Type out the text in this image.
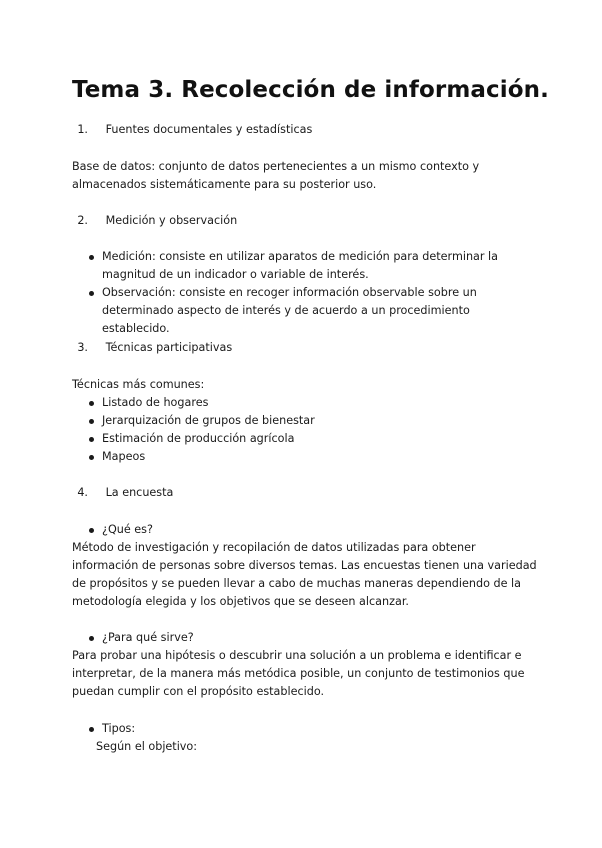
Tema 3. Recolección de información.
1. Fuentes documentales y estadísticas

Base de datos: conjunto de datos pertenecientes a un mismo contexto y almacenados sistemáticamente para su posterior uso.

2. Medición y observación
Medición: consiste en utilizar aparatos de medición para determinar la magnitud de un indicador o variable de interés.
Observación: consiste en recoger información observable sobre un determinado aspecto de interés y de acuerdo a un procedimiento establecido.
3. Técnicas participativas

Técnicas más comunes:

Listado de hogares
Jerarquización de grupos de bienestar
Estimación de producción agrícola
Mapeos
4. La encuesta
¿Qué es?

Método de investigación y recopilación de datos utilizadas para obtener información de personas sobre diversos temas. Las encuestas tienen una variedad de propósitos y se pueden llevar a cabo de muchas maneras dependiendo de la metodología elegida y los objetivos que se deseen alcanzar.

¿Para qué sirve?

Para probar una hipótesis o descubrir una solución a un problema e identificar e interpretar, de la manera más metódica posible, un conjunto de testimonios que puedan cumplir con el propósito establecido.

Tipos:
Según el objetivo:
